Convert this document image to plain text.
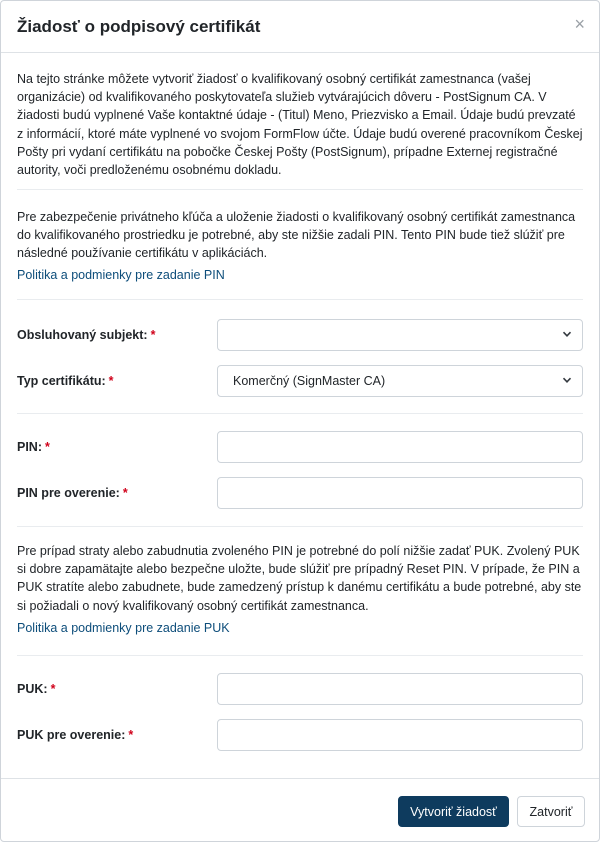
Žiadosť o podpisový certifikát	×
Na tejto stránke môžete vytvoriť žiadosť o kvalifikovaný osobný certifikát zamestnanca (vašej organizácie) od kvalifikovaného poskytovateľa služieb vytvárajúcich dôveru - PostSignum CA. V žiadosti budú vyplnené Vaše kontaktné údaje - (Titul) Meno, Priezvisko a Email. Údaje budú prevzaté z informácií, ktoré máte vyplnené vo svojom FormFlow účte. Údaje budú overené pracovníkom Českej Pošty pri vydaní certifikátu na pobočke Českej Pošty (PostSignum), prípadne Externej registračné autority, voči predloženému osobnému dokladu.
Pre zabezpečenie privátneho kľúča a uloženie žiadosti o kvalifikovaný osobný certifikát zamestnanca do kvalifikovaného prostriedku je potrebné, aby ste nižšie zadali PIN. Tento PIN bude tiež slúžiť pre následné používanie certifikátu v aplikáciách.
Politika a podmienky pre zadanie PIN
Obsluhovaný subjekt: *
Typ certifikátu: *	Komerčný (SignMaster CA)
PIN: *
PIN pre overenie: *
Pre prípad straty alebo zabudnutia zvoleného PIN je potrebné do polí nižšie zadať PUK. Zvolený PUK si dobre zapamätajte alebo bezpečne uložte, bude slúžiť pre prípadný Reset PIN. V prípade, že PIN a PUK stratíte alebo zabudnete, bude zamedzený prístup k danému certifikátu a bude potrebné, aby ste si požiadali o nový kvalifikovaný osobný certifikát zamestnanca.
Politika a podmienky pre zadanie PUK
PUK: *
PUK pre overenie: *
Vytvoriť žiadosť	Zatvoriť
